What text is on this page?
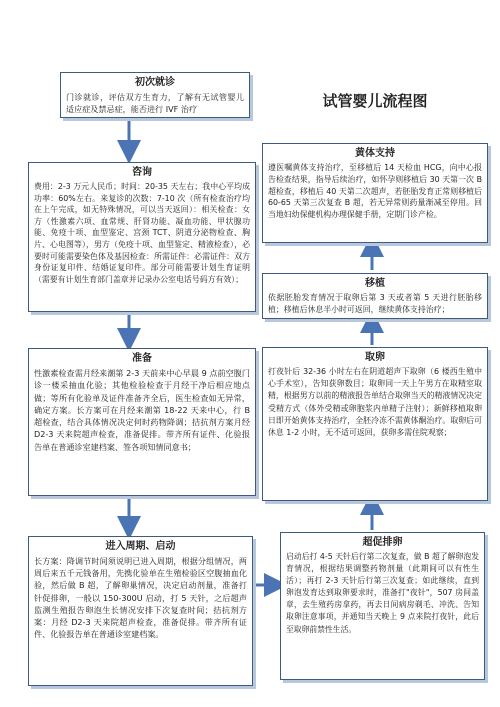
试管婴儿流程图
初次就诊
门诊就诊，评估双方生育力，了解有无试管婴儿适应症及禁忌症，能否进行 IVF 治疗
咨询
费用：2-3 万元人民币；时间：20-35 天左右；我中心平均成功率：60%左右。来复诊的次数：7-10 次（所有检查治疗均在上午完成，如无特殊情况，可以当天返回）：相关检查：女方（性激素六项、血常规、肝肾功能、凝血功能、甲状腺功能、免疫十项、血型鉴定、宫颈 TCT、阴道分泌物检查、胸片、心电图等），男方（免疫十项、血型鉴定、精液检查），必要时可能需要染色体及基因检查：所需证件：必需证件：双方身份证复印件、结婚证复印件。部分可能需要计划生育证明（需要有计划生育部门盖章并记录办公室电话号码方有效）；
准备
性激素检查需月经来潮第 2-3 天前来中心早晨 9 点前空腹门诊一楼采抽血化验；其他检验检查于月经干净后相应地点做；等所有化验单及证件准备齐全后，医生检查如无异常，确定方案。长方案可在月经来潮第 18-22 天来中心，行 B 超检查，结合具体情况决定何时药物降调；拮抗剂方案月经 D2-3 天来院超声检查，准备促排。带齐所有证件、化验报告单在普通诊室建档案、签各项知情同意书；
进入周期、启动
长方案：降调节时间须说明已进入周期，根据分组情况，两周后来五千元钱备用，先携化验单在生殖检验区空腹抽血化验，然后做 B 超，了解卵巢情况，决定启动剂量，准备打针促排卵，一般以 150-300U 启动，打 5 天针，之后超声监测生殖报告卵泡生长情况安排下次复查时间；拮抗剂方案：月经 D2-3 天来院超声检查，准备促排。带齐所有证件、化验报告单在普通诊室建档案。
超促排卵
启动后打 4-5 天针后行第二次复查，做 B 超了解卵泡发育情况，根据结果调整药物剂量（此期间可以有性生活）；再打 2-3 天针后行第三次复查；如此继续，直到卵泡发育达到取卵要求时，准备打"夜针"，507 房间盖章，去生殖药房拿药，再去日间病房剃毛、冲洗、告知取卵注意事项，并通知当天晚上 9 点来院打夜针，此后至取卵前禁性生活。
取卵
打夜针后 32-36 小时左右在阴道超声下取卵（6 楼西生殖中心手术室），告知获卵数目；取卵同一天上午男方在取精室取精，根据男方以前的精液报告单结合取卵当天的精液情况决定受精方式（体外受精或卵胞浆内单精子注射）；新鲜移植取卵日即开始黄体支持治疗，全胚冷冻不需黄体酮治疗。取卵后可休息 1-2 小时，无不适可返回，获卵多需住院观察；
移植
依据胚胎发育情况于取卵后第 3 天或者第 5 天进行胚胎移植；移植后休息半小时可返回，继续黄体支持治疗；
黄体支持
遵医嘱黄体支持治疗，至移植后 14 天检血 HCG，向中心报告检查结果，指导后续治疗，如怀孕则移植后 30 天第一次 B 超检查，移植后 40 天第二次超声，若胚胎发育正常则移植后 60-65 天第三次复查 B 超，若无异常则药量渐减至停用。回当地妇幼保健机构办理保健手册，定期门诊产检。
